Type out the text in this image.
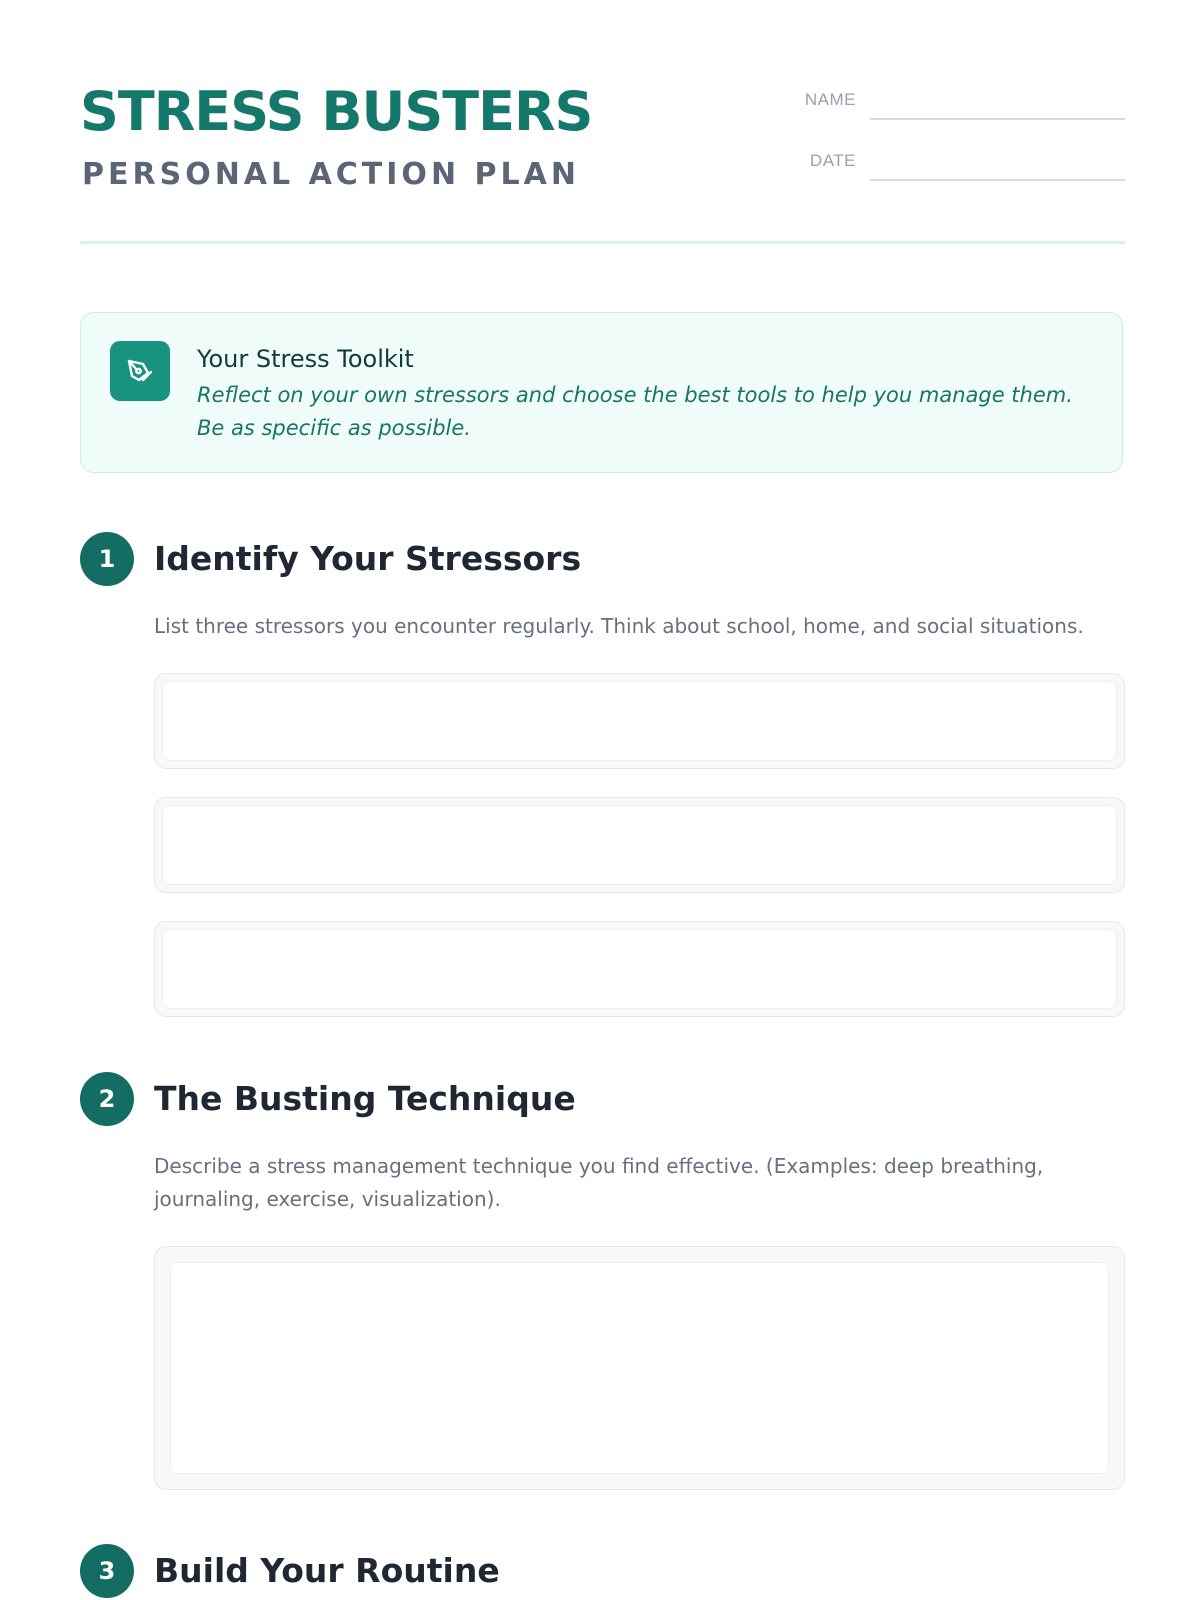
STRESS BUSTERS
PERSONAL ACTION PLAN
NAME
DATE
Your Stress Toolkit
Reflect on your own stressors and choose the best tools to help you manage them. Be as specific as possible.
1	Identify Your Stressors
List three stressors you encounter regularly. Think about school, home, and social situations.
2	The Busting Technique
Describe a stress management technique you find effective. (Examples: deep breathing, journaling, exercise, visualization).
3	Build Your Routine
